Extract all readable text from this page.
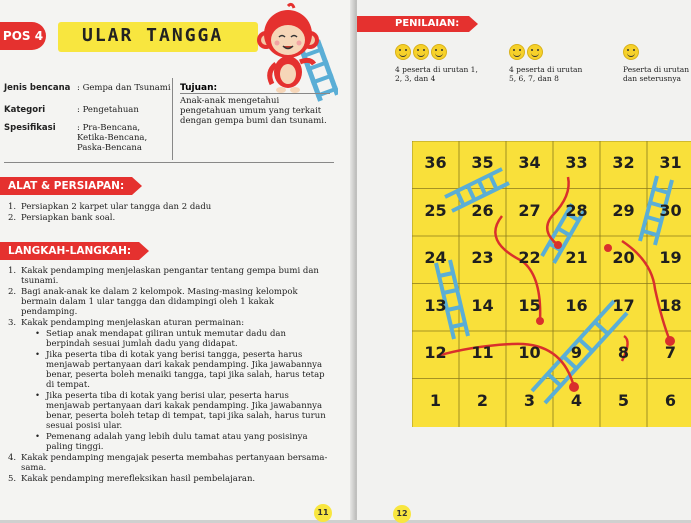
POS 4 ULAR TANGGA
Jenis bencana : Gempa dan Tsunami
Kategori	: Pengetahuan
Spesifikasi	: Pra-Bencana, Ketika-Bencana, Paska-Bencana
Tujuan:
Anak-anak mengetahui pengetahuan umum yang terkait dengan gempa bumi dan tsunami.
ALAT & PERSIAPAN:
1. Persiapkan 2 karpet ular tangga dan 2 dadu
2. Persiapkan bank soal.
LANGKAH-LANGKAH:
1. Kakak pendamping menjelaskan pengantar tentang gempa bumi dan tsunami.
2. Bagi anak-anak ke dalam 2 kelompok. Masing-masing kelompok bermain dalam 1 ular tangga dan didampingi oleh 1 kakak pendamping.
3. Kakak pendamping menjelaskan aturan permainan:
• Setiap anak mendapat giliran untuk memutar dadu dan berpindah sesuai jumlah dadu yang didapat.
• Jika peserta tiba di kotak yang berisi tangga, peserta harus menjawab pertanyaan dari kakak pendamping. Jika jawabannya benar, peserta boleh menaiki tangga, tapi jika salah, harus tetap di tempat.
• Jika peserta tiba di kotak yang berisi ular, peserta harus menjawab pertanyaan dari kakak pendamping. Jika jawabannya benar, peserta boleh tetap di tempat, tapi jika salah, harus turun sesuai posisi ular.
• Pemenang adalah yang lebih dulu tamat atau yang posisinya paling tinggi.
4. Kakak pendamping mengajak peserta membahas pertanyaan bersama-sama.
5. Kakak pendamping merefleksikan hasil pembelajaran.
11
PENILAIAN:
4 peserta di urutan 1,
2, 3, dan 4
4 peserta di urutan
5, 6, 7, dan 8
Peserta di urutan
dan seterusnya
12
36	35	34	33	32	31
25	26	27	28	29	30
24	23	22	21	20	19
13	14	15	16	17	18
12	11	10	9	8	7
1	2	3	4	5	6
